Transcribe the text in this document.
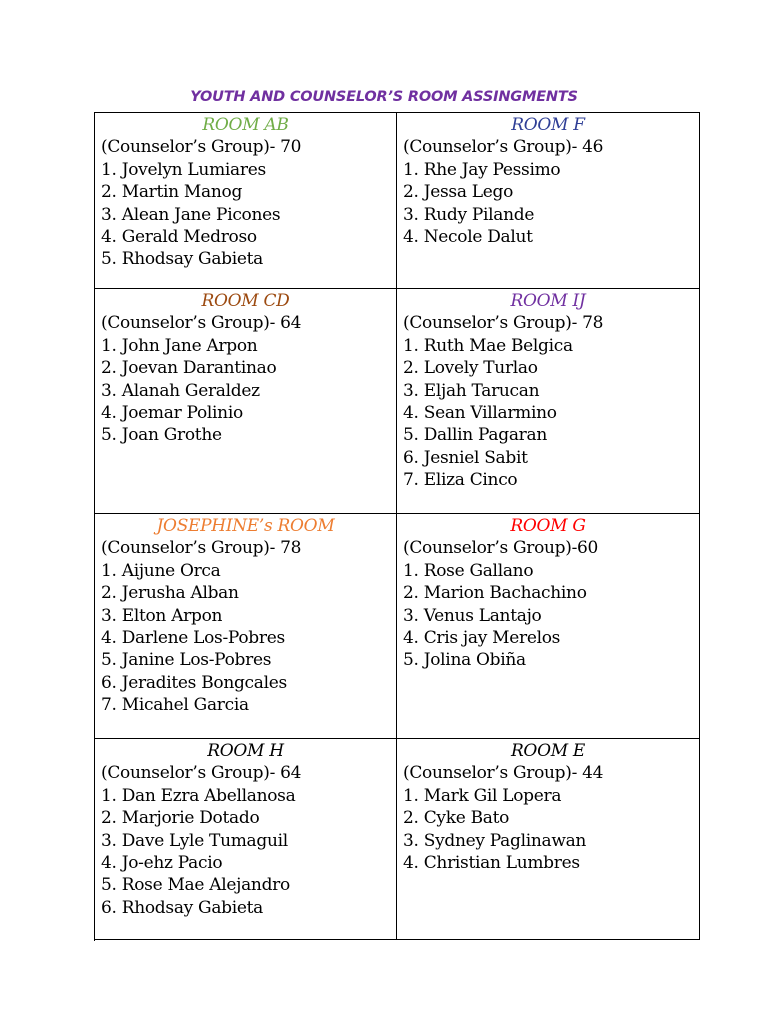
YOUTH AND COUNSELOR’S ROOM ASSINGMENTS
ROOM AB
(Counselor’s Group)- 70
1. Jovelyn Lumiares
2. Martin Manog
3. Alean Jane Picones
4. Gerald Medroso
5. Rhodsay Gabieta
ROOM F
(Counselor’s Group)- 46
1. Rhe Jay Pessimo
2. Jessa Lego
3. Rudy Pilande
4. Necole Dalut
ROOM CD
(Counselor’s Group)- 64
1. John Jane Arpon
2. Joevan Darantinao
3. Alanah Geraldez
4. Joemar Polinio
5. Joan Grothe
ROOM IJ
(Counselor’s Group)- 78
1. Ruth Mae Belgica
2. Lovely Turlao
3. Eljah Tarucan
4. Sean Villarmino
5. Dallin Pagaran
6. Jesniel Sabit
7. Eliza Cinco
JOSEPHINE’s ROOM
(Counselor’s Group)- 78
1. Aijune Orca
2. Jerusha Alban
3. Elton Arpon
4. Darlene Los-Pobres
5. Janine Los-Pobres
6. Jeradites Bongcales
7. Micahel Garcia
ROOM G
(Counselor’s Group)-60
1. Rose Gallano
2. Marion Bachachino
3. Venus Lantajo
4. Cris jay Merelos
5. Jolina Obiña
ROOM H
(Counselor’s Group)- 64
1. Dan Ezra Abellanosa
2. Marjorie Dotado
3. Dave Lyle Tumaguil
4. Jo-ehz Pacio
5. Rose Mae Alejandro
6. Rhodsay Gabieta
ROOM E
(Counselor’s Group)- 44
1. Mark Gil Lopera
2. Cyke Bato
3. Sydney Paglinawan
4. Christian Lumbres
